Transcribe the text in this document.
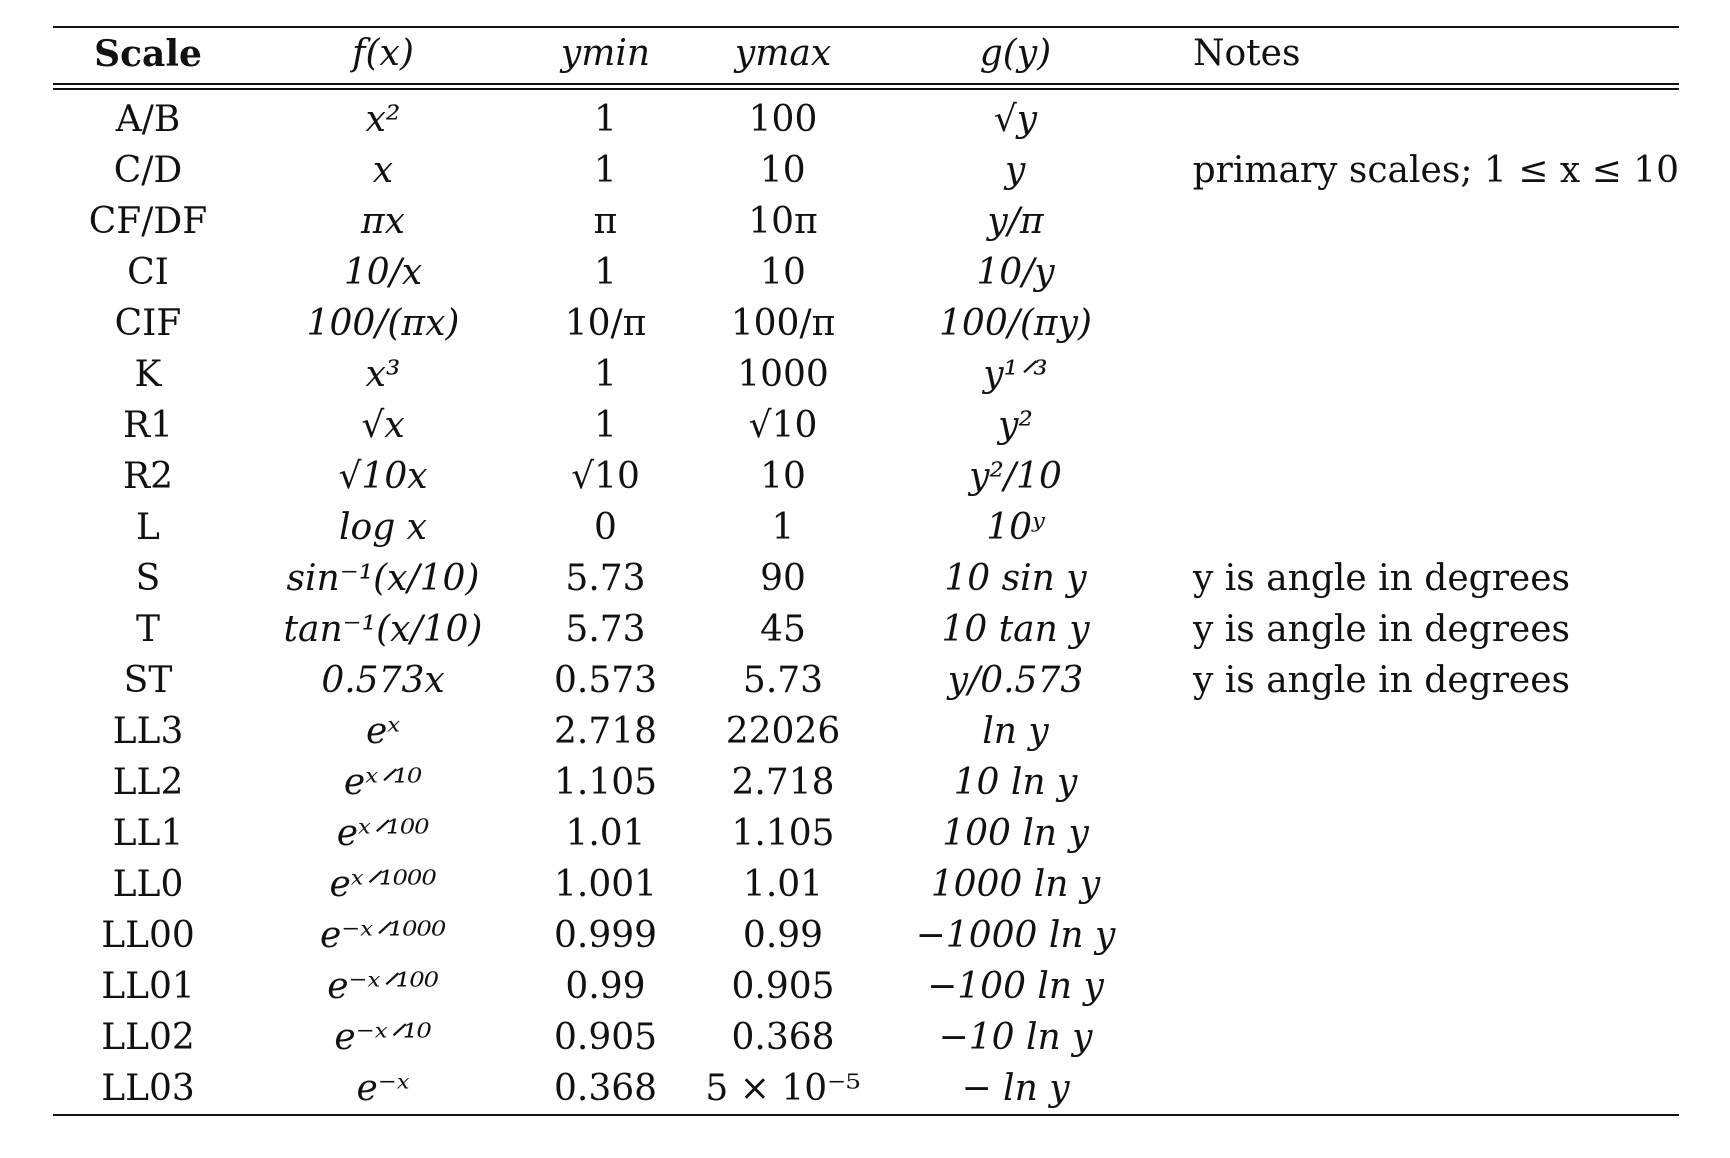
Scale	f(x)	ymin	ymax	g(y)	Notes
A/B	x²	1	100	√y
C/D	x	1	10	y	primary scales; 1 ≤ x ≤ 10
CF/DF	πx	π	10π	y/π
CI	10/x	1	10	10/y
CIF	100/(πx)	10/π	100/π	100/(πy)
K	x³	1	1000	y¹ᐟ³
R1	√x	1	√10	y²
R2	√10x	√10	10	y²/10
L	log x	0	1	10ʸ
S	sin⁻¹(x/10)	5.73	90	10 sin y	y is angle in degrees
T	tan⁻¹(x/10)	5.73	45	10 tan y	y is angle in degrees
ST	0.573x	0.573	5.73	y/0.573	y is angle in degrees
LL3	eˣ	2.718	22026	ln y
LL2	eˣᐟ¹⁰	1.105	2.718	10 ln y
LL1	eˣᐟ¹⁰⁰	1.01	1.105	100 ln y
LL0	eˣᐟ¹⁰⁰⁰	1.001	1.01	1000 ln y
LL00	e⁻ˣᐟ¹⁰⁰⁰	0.999	0.99	−1000 ln y
LL01	e⁻ˣᐟ¹⁰⁰	0.99	0.905	−100 ln y
LL02	e⁻ˣᐟ¹⁰	0.905	0.368	−10 ln y
LL03	e⁻ˣ	0.368	5 × 10⁻⁵	− ln y
